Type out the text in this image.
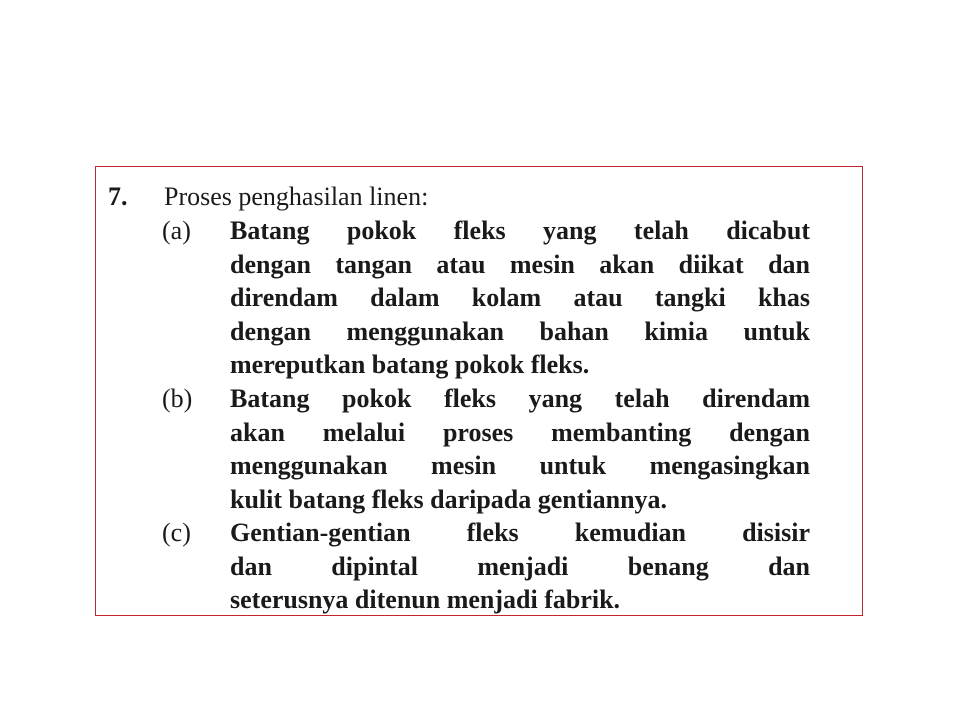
7. Proses penghasilan linen:
(a) Batang pokok fleks yang telah dicabut
dengan tangan atau mesin akan diikat dan
direndam dalam kolam atau tangki khas
dengan menggunakan bahan kimia untuk
mereputkan batang pokok fleks.
(b) Batang pokok fleks yang telah direndam
akan melalui proses membanting dengan
menggunakan mesin untuk mengasingkan
kulit batang fleks daripada gentiannya.
(c) Gentian-gentian fleks kemudian disisir
dan dipintal menjadi benang dan
seterusnya ditenun menjadi fabrik.
